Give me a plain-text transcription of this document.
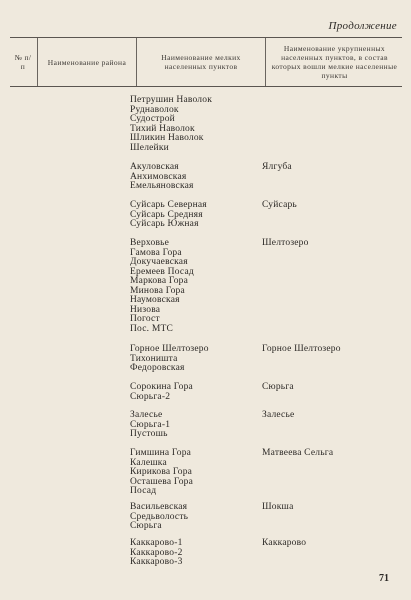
Продолжение
№ п/п	Наименование района	Наименование мелких населенных пунктов
Наименование укрупненных населенных пунктов, в состав которых вошли мелкие населенные пункты
Петрушин Наволок
Руднаволок
Судострой
Тихий Наволок
Шликин Наволок
Шелейки
Акуловская
Анхимовская
Емельяновская
Ялгуба
Суйсарь Северная
Суйсарь Средняя
Суйсарь Южная
Суйсарь
Верховье
Гамова Гора
Докучаевская
Еремеев Посад
Маркова Гора
Минова Гора
Наумовская
Низова
Погост
Пос. МТС
Шелтозеро
Горное Шелтозеро
Тихоништа
Федоровская
Горное Шелтозеро
Сорокина Гора
Сюрьга-2
Сюрьга
Залесье
Сюрьга-1
Пустошь
Залесье
Гимшина Гора
Калешка
Кирикова Гора
Осташева Гора
Посад
Матвеева Сельга
Васильевская
Средьволость
Сюрьга
Шокша
Каккарово-1
Каккарово-2
Каккарово-3
Каккарово
71
